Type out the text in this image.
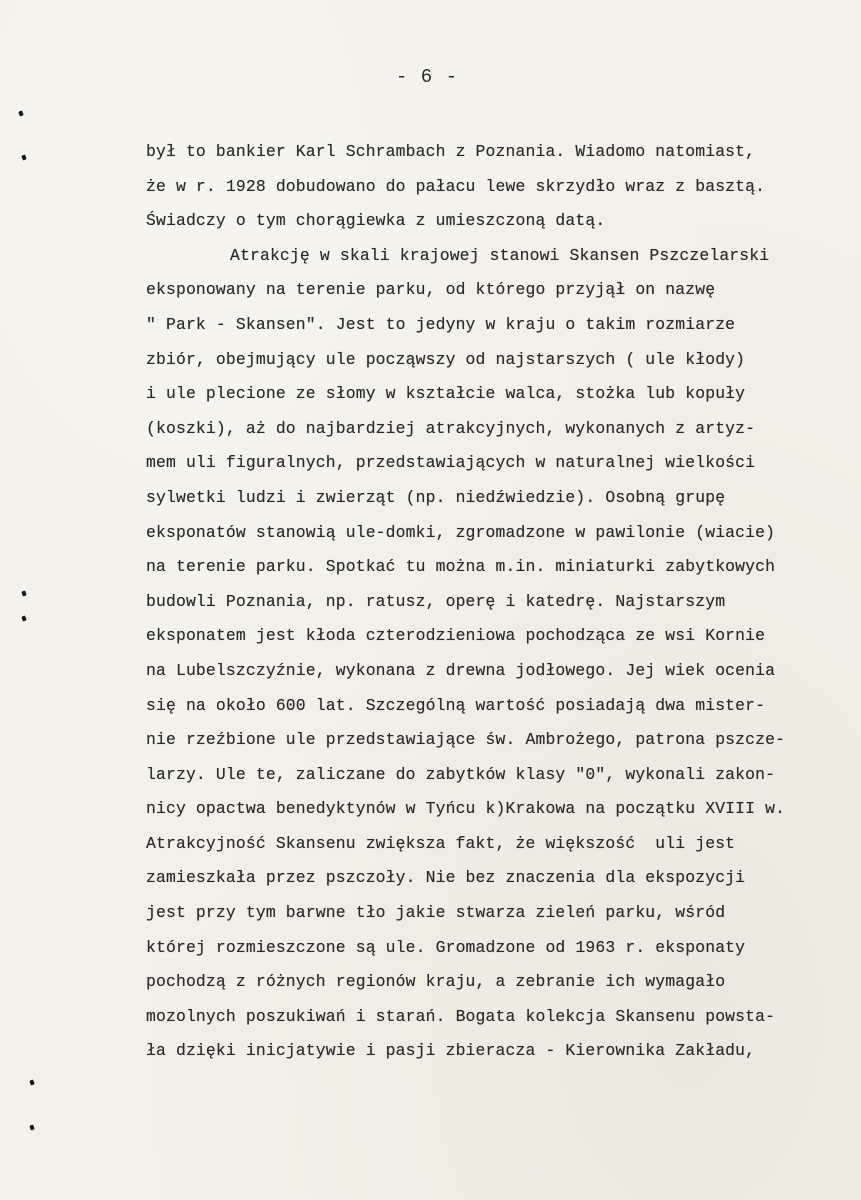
- 6 -
był to bankier Karl Schrambach z Poznania. Wiadomo natomiast,
że w r. 1928 dobudowano do pałacu lewe skrzydło wraz z basztą.
Świadczy o tym chorągiewka z umieszczoną datą.
Atrakcję w skali krajowej stanowi Skansen Pszczelarski
eksponowany na terenie parku, od którego przyjął on nazwę
" Park - Skansen". Jest to jedyny w kraju o takim rozmiarze
zbiór, obejmujący ule począwszy od najstarszych ( ule kłody)
i ule plecione ze słomy w kształcie walca, stożka lub kopuły
(koszki), aż do najbardziej atrakcyjnych, wykonanych z artyz-
mem uli figuralnych, przedstawiających w naturalnej wielkości
sylwetki ludzi i zwierząt (np. niedźwiedzie). Osobną grupę
eksponatów stanowią ule-domki, zgromadzone w pawilonie (wiacie)
na terenie parku. Spotkać tu można m.in. miniaturki zabytkowych
budowli Poznania, np. ratusz, operę i katedrę. Najstarszym
eksponatem jest kłoda czterodzieniowa pochodząca ze wsi Kornie
na Lubelszczyźnie, wykonana z drewna jodłowego. Jej wiek ocenia
się na około 600 lat. Szczególną wartość posiadają dwa mister-
nie rzeźbione ule przedstawiające św. Ambrożego, patrona pszcze-
larzy. Ule te, zaliczane do zabytków klasy "0", wykonali zakon-
nicy opactwa benedyktynów w Tyńcu k)Krakowa na początku XVIII w.
Atrakcyjność Skansenu zwiększa fakt, że większość  uli jest
zamieszkała przez pszczoły. Nie bez znaczenia dla ekspozycji
jest przy tym barwne tło jakie stwarza zieleń parku, wśród
której rozmieszczone są ule. Gromadzone od 1963 r. eksponaty
pochodzą z różnych regionów kraju, a zebranie ich wymagało
mozolnych poszukiwań i starań. Bogata kolekcja Skansenu powsta-
ła dzięki inicjatywie i pasji zbieracza - Kierownika Zakładu,
